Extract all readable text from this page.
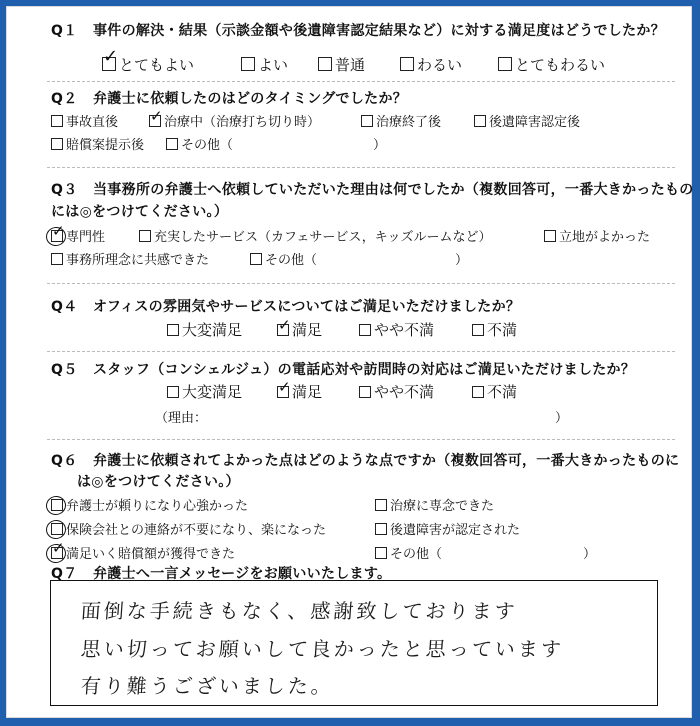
Q１ 事件の解決・結果（示談金額や後遺障害認定結果など）に対する満足度はどうでしたか？
✓ とてもよい	よい	普通	わるい	とてもわるい
Q２ 弁護士に依頼したのはどのタイミングでしたか？
事故直後 ✓ 治療中（治療打ち切り時）	治療終了後	後遺障害認定後
賠償案提示後	その他（	）
Q３ 当事務所の弁護士へ依頼していただいた理由は何でしたか（複数回答可，一番大きかったもの
には◎をつけてください。）
✓ 専門性	充実したサービス（カフェサービス，キッズルームなど）	立地がよかった
事務所理念に共感できた	その他（	）
Q４ オフィスの雰囲気やサービスについてはご満足いただけましたか？
大変満足 ✓ 満足	やや不満	不満
Q５ スタッフ（コンシェルジュ）の電話応対や訪問時の対応はご満足いただけましたか？
大変満足 ✓ 満足	やや不満	不満
（理由：	）
Q６ 弁護士に依頼されてよかった点はどのような点ですか（複数回答可，一番大きかったものに
は◎をつけてください。）
弁護士が頼りになり心強かった	治療に専念できた
保険会社との連絡が不要になり、楽になった	後遺障害が認定された
✓ 満足いく賠償額が獲得できた	その他（	）
Q７ 弁護士へ一言メッセージをお願いいたします。
面倒な手続きもなく、感謝致しております
思い切ってお願いして良かったと思っています
有り難うございました。
